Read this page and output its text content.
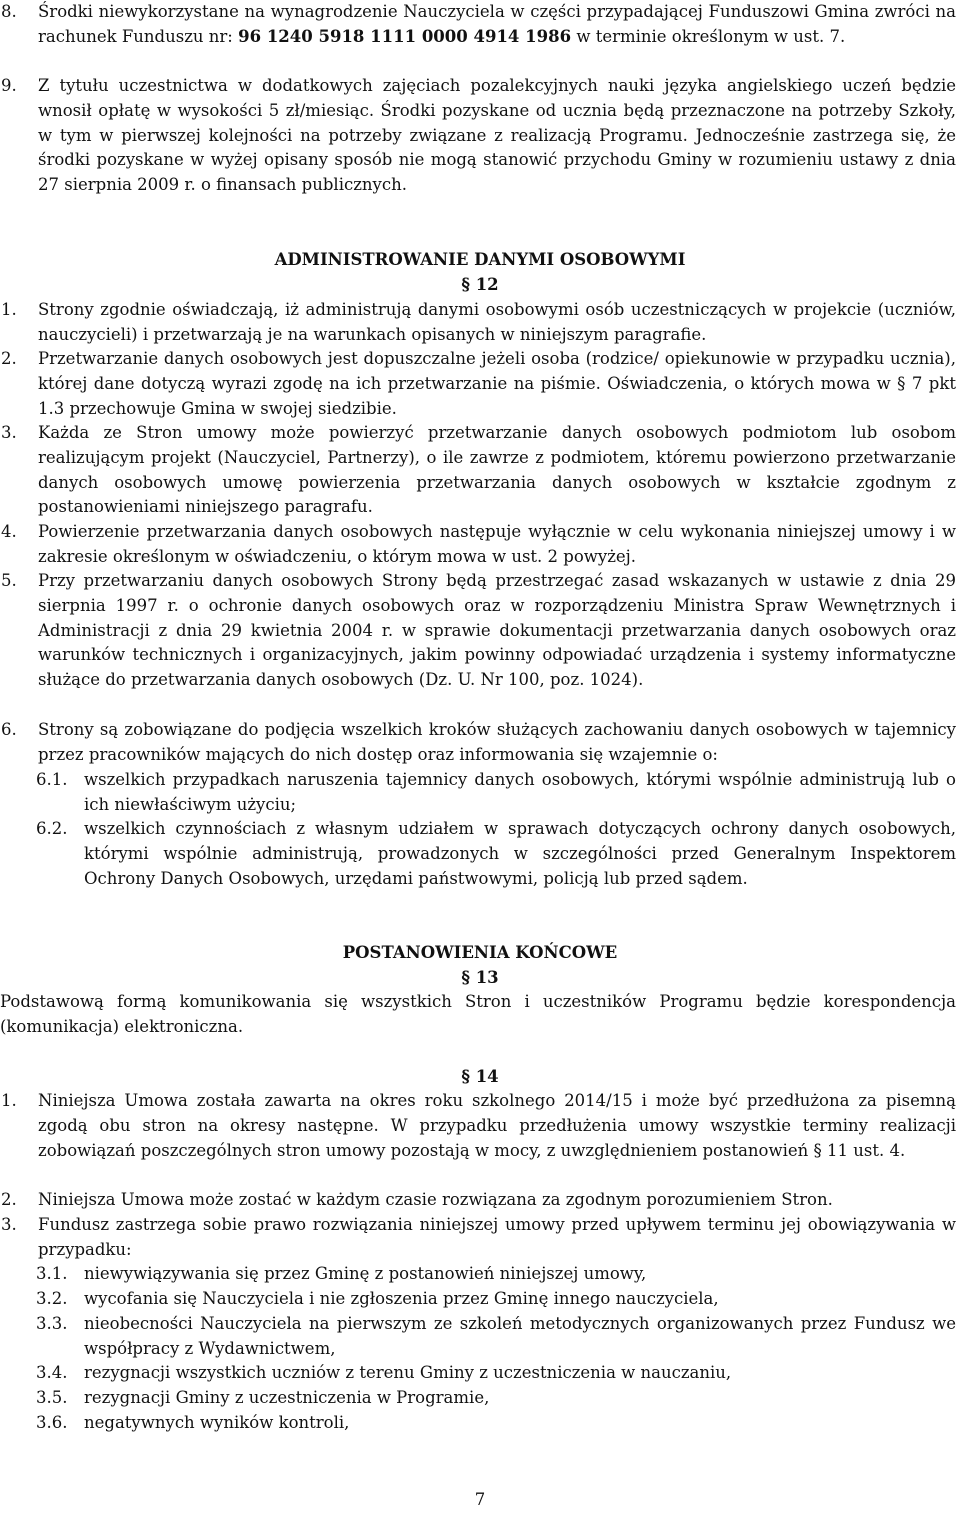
8. Środki niewykorzystane na wynagrodzenie Nauczyciela w części przypadającej Funduszowi Gmina zwróci na rachunek Funduszu nr: 96 1240 5918 1111 0000 4914 1986 w terminie określonym w ust. 7.
9. Z tytułu uczestnictwa w dodatkowych zajęciach pozalekcyjnych nauki języka angielskiego uczeń będzie wnosił opłatę w wysokości 5 zł/miesiąc. Środki pozyskane od ucznia będą przeznaczone na potrzeby Szkoły, w tym w pierwszej kolejności na potrzeby związane z realizacją Programu. Jednocześnie zastrzega się, że środki pozyskane w wyżej opisany sposób nie mogą stanowić przychodu Gminy w rozumieniu ustawy z dnia 27 sierpnia 2009 r. o finansach publicznych.
ADMINISTROWANIE DANYMI OSOBOWYMI
§ 12
1. Strony zgodnie oświadczają, iż administrują danymi osobowymi osób uczestniczących w projekcie (uczniów, nauczycieli) i przetwarzają je na warunkach opisanych w niniejszym paragrafie.
2. Przetwarzanie danych osobowych jest dopuszczalne jeżeli osoba (rodzice/ opiekunowie w przypadku ucznia), której dane dotyczą wyrazi zgodę na ich przetwarzanie na piśmie. Oświadczenia, o których mowa w § 7 pkt 1.3 przechowuje Gmina w swojej siedzibie.
3. Każda ze Stron umowy może powierzyć przetwarzanie danych osobowych podmiotom lub osobom realizującym projekt (Nauczyciel, Partnerzy), o ile zawrze z podmiotem, któremu powierzono przetwarzanie danych osobowych umowę powierzenia przetwarzania danych osobowych w kształcie zgodnym z postanowieniami niniejszego paragrafu.
4. Powierzenie przetwarzania danych osobowych następuje wyłącznie w celu wykonania niniejszej umowy i w zakresie określonym w oświadczeniu, o którym mowa w ust. 2 powyżej.
5. Przy przetwarzaniu danych osobowych Strony będą przestrzegać zasad wskazanych w ustawie z dnia 29 sierpnia 1997 r. o ochronie danych osobowych oraz w rozporządzeniu Ministra Spraw Wewnętrznych i Administracji z dnia 29 kwietnia 2004 r. w sprawie dokumentacji przetwarzania danych osobowych oraz warunków technicznych i organizacyjnych, jakim powinny odpowiadać urządzenia i systemy informatyczne służące do przetwarzania danych osobowych (Dz. U. Nr 100, poz. 1024).
6. Strony są zobowiązane do podjęcia wszelkich kroków służących zachowaniu danych osobowych w tajemnicy przez pracowników mających do nich dostęp oraz informowania się wzajemnie o:
6.1. wszelkich przypadkach naruszenia tajemnicy danych osobowych, którymi wspólnie administrują lub o ich niewłaściwym użyciu;
6.2. wszelkich czynnościach z własnym udziałem w sprawach dotyczących ochrony danych osobowych, którymi wspólnie administrują, prowadzonych w szczególności przed Generalnym Inspektorem Ochrony Danych Osobowych, urzędami państwowymi, policją lub przed sądem.
POSTANOWIENIA KOŃCOWE
§ 13
Podstawową formą komunikowania się wszystkich Stron i uczestników Programu będzie korespondencja (komunikacja) elektroniczna.
§ 14
1. Niniejsza Umowa została zawarta na okres roku szkolnego 2014/15 i może być przedłużona za pisemną zgodą obu stron na okresy następne. W przypadku przedłużenia umowy wszystkie terminy realizacji zobowiązań poszczególnych stron umowy pozostają w mocy, z uwzględnieniem postanowień § 11 ust. 4.
2. Niniejsza Umowa może zostać w każdym czasie rozwiązana za zgodnym porozumieniem Stron.
3. Fundusz zastrzega sobie prawo rozwiązania niniejszej umowy przed upływem terminu jej obowiązywania w przypadku:
3.1. niewywiązywania się przez Gminę z postanowień niniejszej umowy,
3.2. wycofania się Nauczyciela i nie zgłoszenia przez Gminę innego nauczyciela,
3.3. nieobecności Nauczyciela na pierwszym ze szkoleń metodycznych organizowanych przez Fundusz we współpracy z Wydawnictwem,
3.4. rezygnacji wszystkich uczniów z terenu Gminy z uczestniczenia w nauczaniu,
3.5. rezygnacji Gminy z uczestniczenia w Programie,
3.6. negatywnych wyników kontroli,
7
